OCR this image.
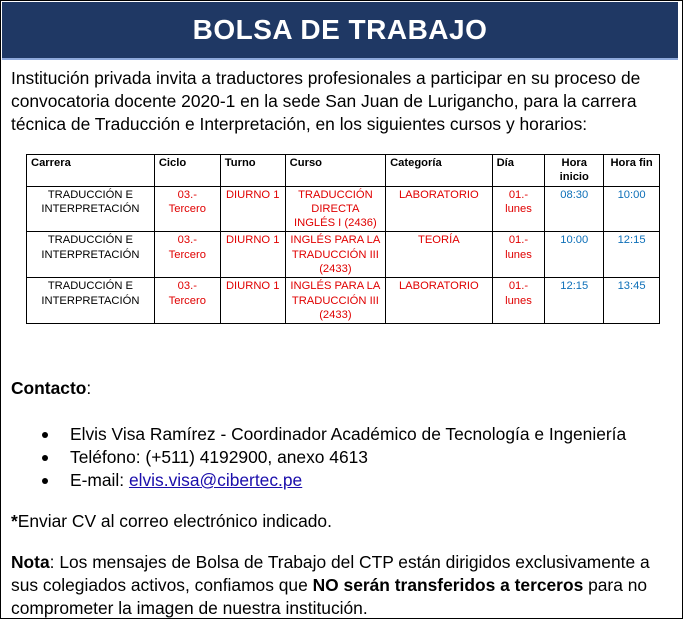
BOLSA DE TRABAJO
Institución privada invita a traductores profesionales a participar en su proceso de convocatoria docente 2020-1 en la sede San Juan de Lurigancho, para la carrera técnica de Traducción e Interpretación, en los siguientes cursos y horarios:
Carrera	Ciclo	Turno	Curso	Categoría	Día	Hora inicio	Hora fin
TRADUCCIÓN E INTERPRETACIÓN	03.- Tercero	DIURNO 1	TRADUCCIÓN DIRECTA INGLÉS I (2436)	LABORATORIO	01.- lunes	08:30	10:00
TRADUCCIÓN E INTERPRETACIÓN	03.- Tercero	DIURNO 1	INGLÉS PARA LA TRADUCCIÓN III (2433)	TEORÍA	01.- lunes	10:00	12:15
TRADUCCIÓN E INTERPRETACIÓN	03.- Tercero	DIURNO 1	INGLÉS PARA LA TRADUCCIÓN III (2433)	LABORATORIO	01.- lunes	12:15	13:45
Contacto:
Elvis Visa Ramírez - Coordinador Académico de Tecnología e Ingeniería
Teléfono: (+511) 4192900, anexo 4613
E-mail: elvis.visa@cibertec.pe
*Enviar CV al correo electrónico indicado.
Nota: Los mensajes de Bolsa de Trabajo del CTP están dirigidos exclusivamente a sus colegiados activos, confiamos que NO serán transferidos a terceros para no comprometer la imagen de nuestra institución.
